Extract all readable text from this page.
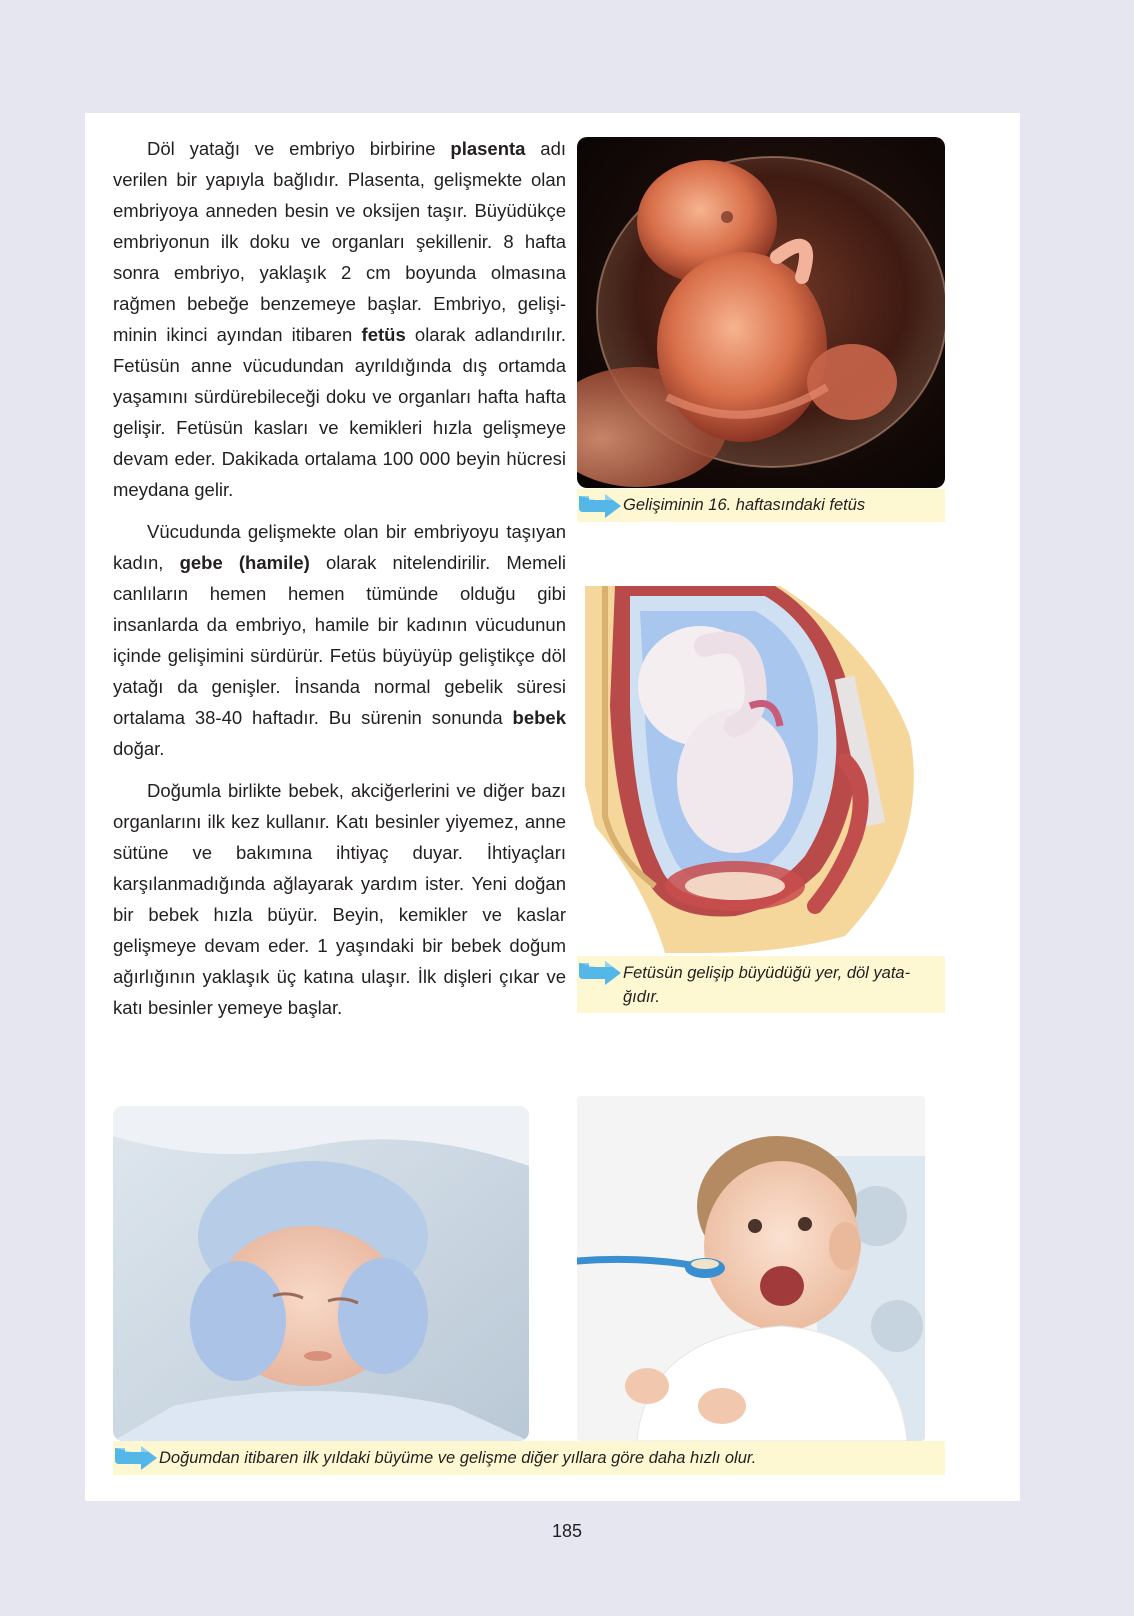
Döl yatağı ve embriyo birbirine plasenta adı verilen bir yapıyla bağlıdır. Plasenta, gelişmekte olan embriyoya anneden besin ve oksijen taşır. Büyüdükçe embriyonun ilk doku ve organları şekillenir. 8 hafta sonra embriyo, yaklaşık 2 cm boyunda olmasına rağmen bebeğe benzemeye başlar. Embriyo, gelişiminin ikinci ayından itibaren fetüs olarak adlandırılır. Fetüsün anne vücudundan ayrıldığında dış ortamda yaşamını sürdürebileceği doku ve organları hafta hafta gelişir. Fetüsün kasları ve kemikleri hızla gelişmeye devam eder. Dakikada ortalama 100 000 beyin hücresi meydana gelir.

Vücudunda gelişmekte olan bir embriyoyu taşıyan kadın, gebe (hamile) olarak nitelendirilir. Memeli canlıların hemen hemen tümünde olduğu gibi insanlarda da embriyo, hamile bir kadının vücudunun içinde gelişimini sürdürür. Fetüs büyüyüp geliştikçe döl yatağı da genişler. İnsanda normal gebelik süresi ortalama 38-40 haftadır. Bu sürenin sonunda bebek doğar.

Doğumla birlikte bebek, akciğerlerini ve diğer bazı organlarını ilk kez kullanır. Katı besinler yiyemez, anne sütüne ve bakımına ihtiyaç duyar. İhtiyaçları karşılanmadığında ağlayarak yardım ister. Yeni doğan bir bebek hızla büyür. Beyin, kemikler ve kaslar gelişmeye devam eder. 1 yaşındaki bir bebek doğum ağırlığının yaklaşık üç katına ulaşır. İlk dişleri çıkar ve katı besinler yemeye başlar.

Gelişiminin 16. haftasındaki fetüs
Fetüsün gelişip büyüdüğü yer, döl yatağıdır.
Doğumdan itibaren ilk yıldaki büyüme ve gelişme diğer yıllara göre daha hızlı olur.
185
